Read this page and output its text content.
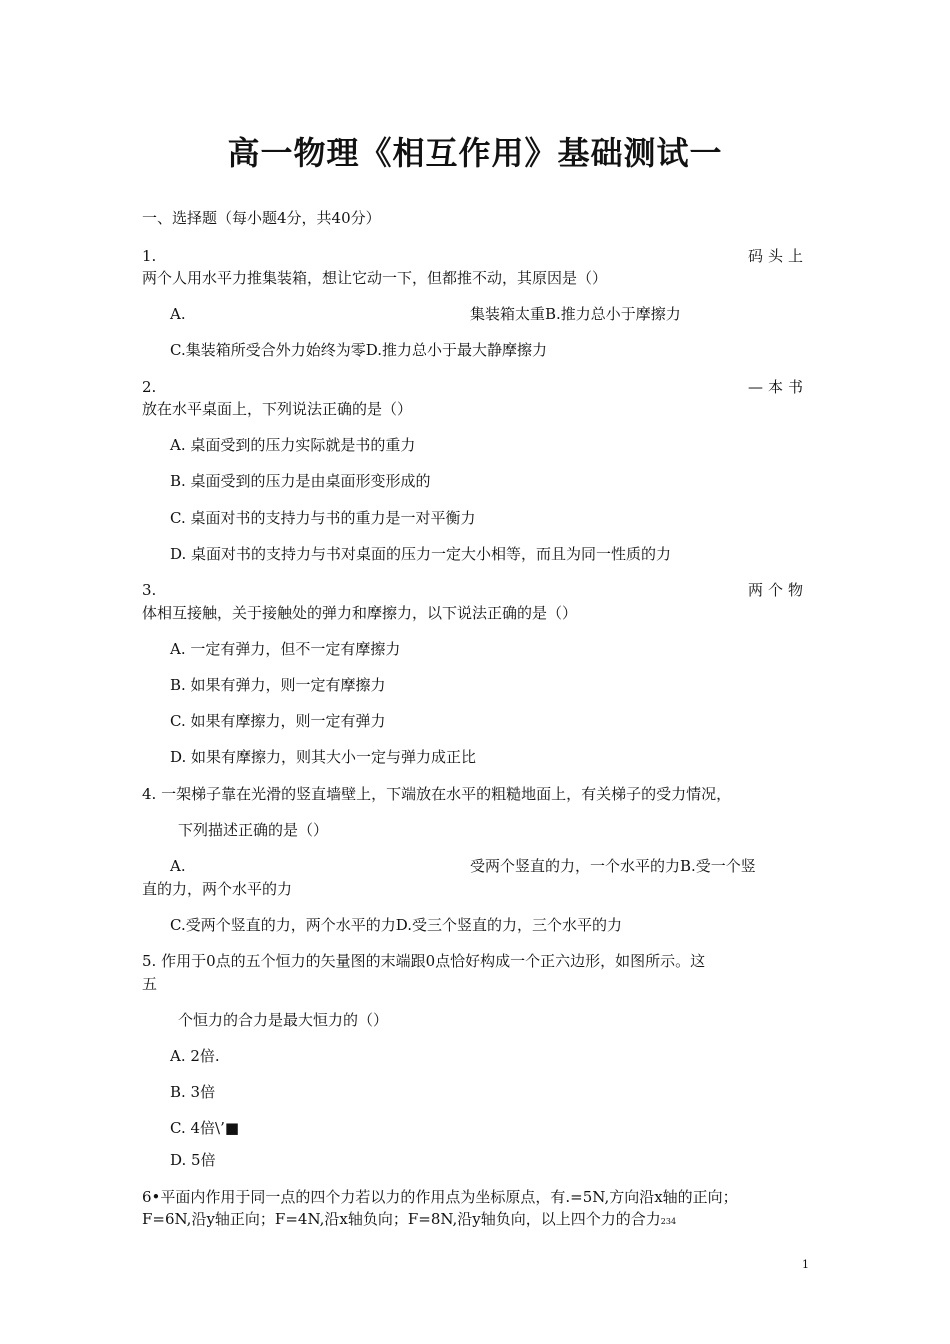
高一物理《相互作用》基础测试一
一、选择题（每小题4分，共40分）
1.	码头上
两个人用水平力推集装箱，想让它动一下，但都推不动，其原因是（）
A.	集装箱太重B.推力总小于摩擦力
C.集装箱所受合外力始终为零D.推力总小于最大静摩擦力
2.	—本书
放在水平桌面上，下列说法正确的是（）
A. 桌面受到的压力实际就是书的重力
B. 桌面受到的压力是由桌面形变形成的
C. 桌面对书的支持力与书的重力是一对平衡力
D. 桌面对书的支持力与书对桌面的压力一定大小相等，而且为同一性质的力
3.	两个物
体相互接触，关于接触处的弹力和摩擦力，以下说法正确的是（）
A. 一定有弹力，但不一定有摩擦力
B. 如果有弹力，则一定有摩擦力
C. 如果有摩擦力，则一定有弹力
D. 如果有摩擦力，则其大小一定与弹力成正比
4. 一架梯子靠在光滑的竖直墙壁上，下端放在水平的粗糙地面上，有关梯子的受力情况，
下列描述正确的是（）
A.	受两个竖直的力，一个水平的力B.受一个竖
直的力，两个水平的力
C.受两个竖直的力，两个水平的力D.受三个竖直的力，三个水平的力
5. 作用于0点的五个恒力的矢量图的末端跟0点恰好构成一个正六边形，如图所示。这
五
个恒力的合力是最大恒力的（）
A. 2倍.
B. 3倍
C. 4倍\’■
D. 5倍
6•平面内作用于同一点的四个力若以力的作用点为坐标原点，有.=5N,方向沿x轴的正向；
F=6N,沿y轴正向；F=4N,沿x轴负向；F=8N,沿y轴负向，以上四个力的合力234
1
